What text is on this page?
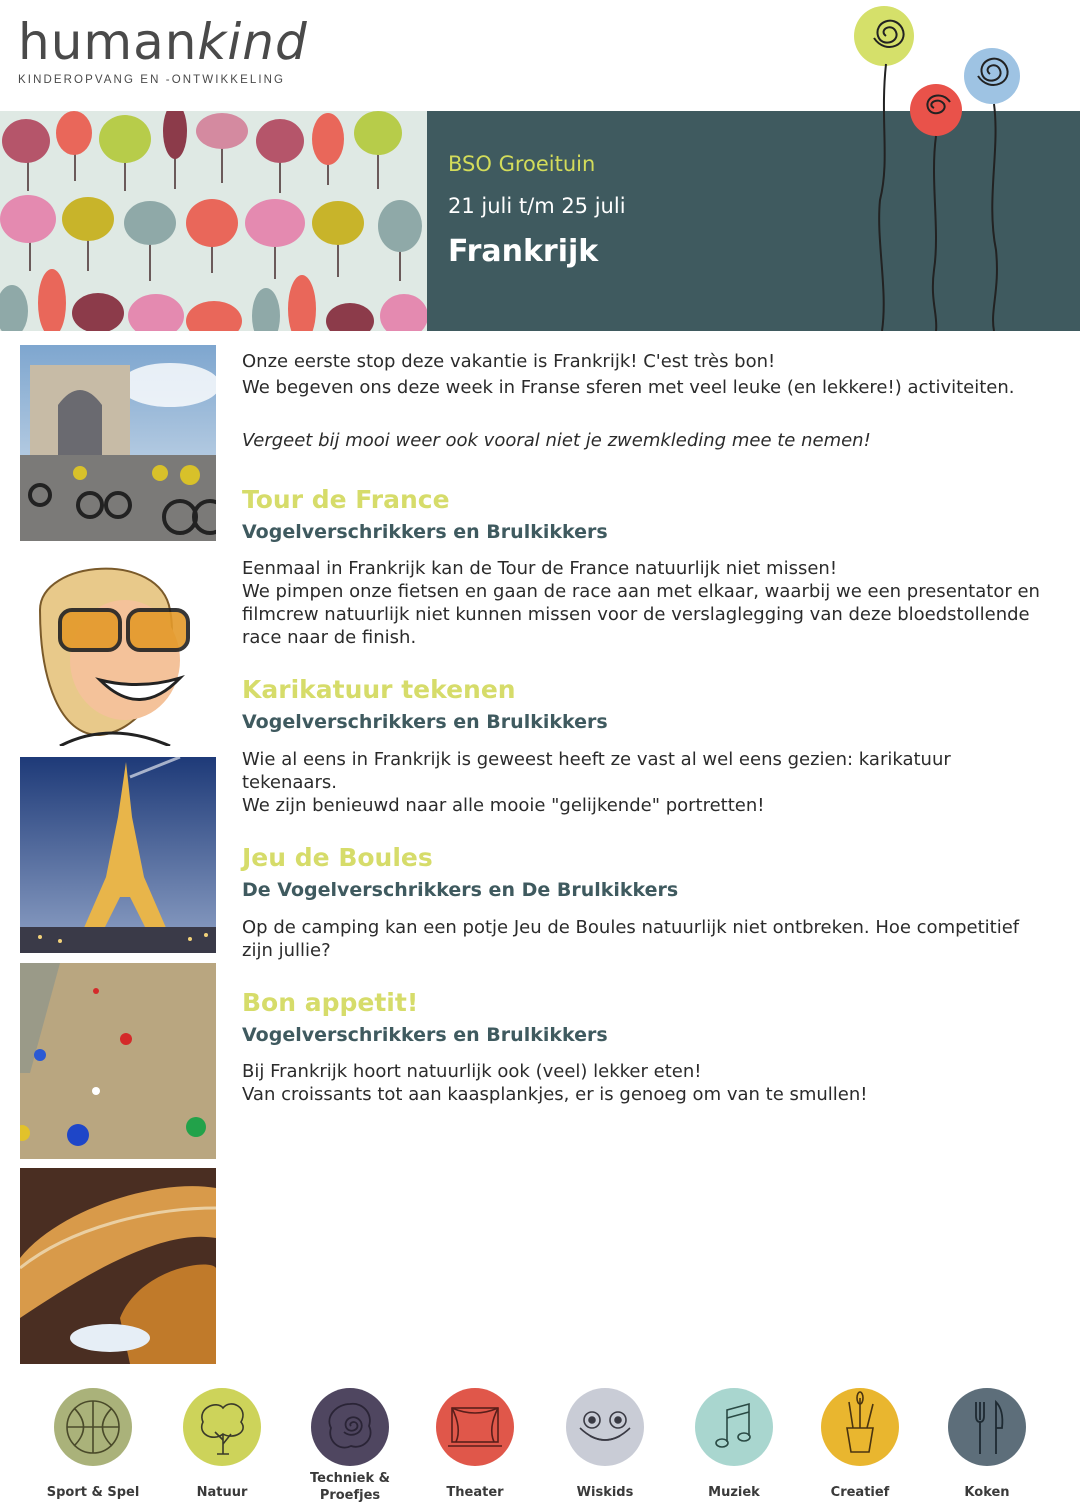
humankind
KINDEROPVANG EN -ONTWIKKELING
BSO Groeituin
21 juli t/m 25 juli
Frankrijk
Onze eerste stop deze vakantie is Frankrijk! C'est très bon!
We begeven ons deze week in Franse sferen met veel leuke (en lekkere!) activiteiten.
Vergeet bij mooi weer ook vooral niet je zwemkleding mee te nemen!
Tour de France
Vogelverschrikkers en Brulkikkers
Eenmaal in Frankrijk kan de Tour de France natuurlijk niet missen!
We pimpen onze fietsen en gaan de race aan met elkaar, waarbij we een presentator en
filmcrew natuurlijk niet kunnen missen voor de verslaglegging van deze bloedstollende
race naar de finish.
Karikatuur tekenen
Vogelverschrikkers en Brulkikkers
Wie al eens in Frankrijk is geweest heeft ze vast al wel eens gezien: karikatuur
tekenaars.
We zijn benieuwd naar alle mooie "gelijkende" portretten!
Jeu de Boules
De Vogelverschrikkers en De Brulkikkers
Op de camping kan een potje Jeu de Boules natuurlijk niet ontbreken. Hoe competitief
zijn jullie?
Bon appetit!
Vogelverschrikkers en Brulkikkers
Bij Frankrijk hoort natuurlijk ook (veel) lekker eten!
Van croissants tot aan kaasplankjes, er is genoeg om van te smullen!
Sport & Spel	Natuur
Techniek &
Proefjes	Theater	Wiskids	Muziek	Creatief	Koken
